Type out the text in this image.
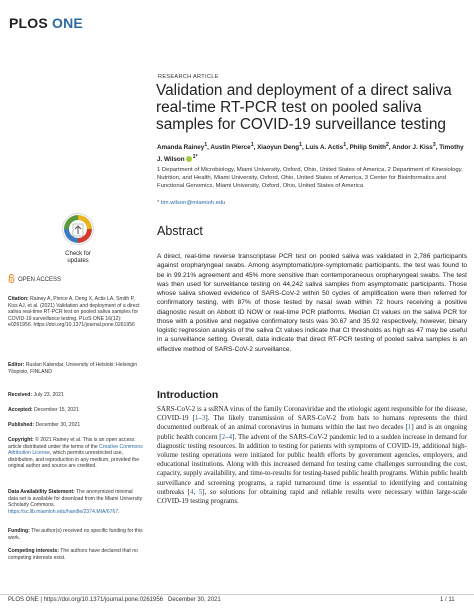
PLOS ONE
RESEARCH ARTICLE
Validation and deployment of a direct saliva real-time RT-PCR test on pooled saliva samples for COVID-19 surveillance testing
Amanda Rainey$^1$, Austin Pierce$^1$, Xiaoyun Deng$^1$, Luis A. Actis$^1$, Philip Smith$^2$, Andor J. Kiss$^3$, Timothy J. Wilson $^{1*}$
1 Department of Microbiology, Miami University, Oxford, Ohio, United States of America, 2 Department of Kinesiology, Nutrition, and Health, Miami University, Oxford, Ohio, United States of America, 3 Center for Bioinformatics and Functional Genomics, Miami University, Oxford, Ohio, United States of America
* tim.wilson@miamioh.edu
Abstract
A direct, real-time reverse transcriptase PCR test on pooled saliva was validated in 2,786 participants against oropharyngeal swabs. Among asymptomatic/pre-symptomatic participants, the test was found to be in 99.21% agreement and 45% more sensitive than contemporaneous oropharyngeal swabs. The test was then used for surveillance testing on 44,242 saliva samples from asymptomatic participants. Those whose saliva showed evidence of SARS-CoV-2 within 50 cycles of amplification were then referred for confirmatory testing, with 87% of those tested by nasal swab within 72 hours receiving a positive diagnostic result on Abbott ID NOW or real-time PCR platforms. Median Ct values on the saliva PCR for those with a positive and negative confirmatory tests was 30.67 and 35.92 respectively, however, binary logistic regression analysis of the saliva Ct values indicate that Ct thresholds as high as 47 may be useful in a surveillance setting. Overall, data indicate that direct RT-PCR testing of pooled saliva samples is an effective method of SARS-CoV-2 surveillance.
Check for
updates
OPEN ACCESS
Citation: Rainey A, Pierce A, Deng X, Actis LA, Smith P, Kiss AJ, et al. (2021) Validation and deployment of a direct saliva real-time RT-PCR test on pooled saliva samples for COVID-19 surveillance testing. PLoS ONE 16(12): e0261956. https://doi.org/10.1371/journal.pone.0261956
Editor: Ruslan Kalendar, University of Helsinki: Helsingin Yliopisto, FINLAND
Received: July 23, 2021
Accepted: December 15, 2021
Published: December 30, 2021
Copyright: © 2021 Rainey et al. This is an open access article distributed under the terms of the Creative Commons Attribution License, which permits unrestricted use, distribution, and reproduction in any medium, provided the original author and source are credited.
Data Availability Statement: The anonymized minimal data set is available for download from the Miami University Scholarly Commons. https://sc.lib.miamioh.edu/handle/2374.MIA/6767.
Funding: The author(s) received no specific funding for this work.
Competing interests: The authors have declared that no competing interests exist.
Introduction
SARS-CoV-2 is a ssRNA virus of the family Coronaviridae and the etiologic agent responsible for the disease, COVID-19 [1–3]. The likely transmission of SARS-CoV-2 from bats to humans represents the third documented outbreak of an animal coronavirus in humans within the last two decades [1] and is an ongoing public health concern [2–4]. The advent of the SARS-CoV-2 pandemic led to a sudden increase in demand for diagnostic testing resources. In addition to testing for patients with symptoms of COVID-19, additional high-volume testing operations were initiated for public health efforts by government agencies, employers, and educational institutions. Along with this increased demand for testing came challenges surrounding the cost, capacity, supply availability, and time-to-results for testing-based public health programs. Within public health surveillance and screening programs, a rapid turnaround time is essential to identifying and containing outbreaks [4, 5], so solutions for obtaining rapid and reliable results were necessary within large-scale COVID-19 testing programs.
PLOS ONE | https://doi.org/10.1371/journal.pone.0261956   December 30, 2021	1 / 11
